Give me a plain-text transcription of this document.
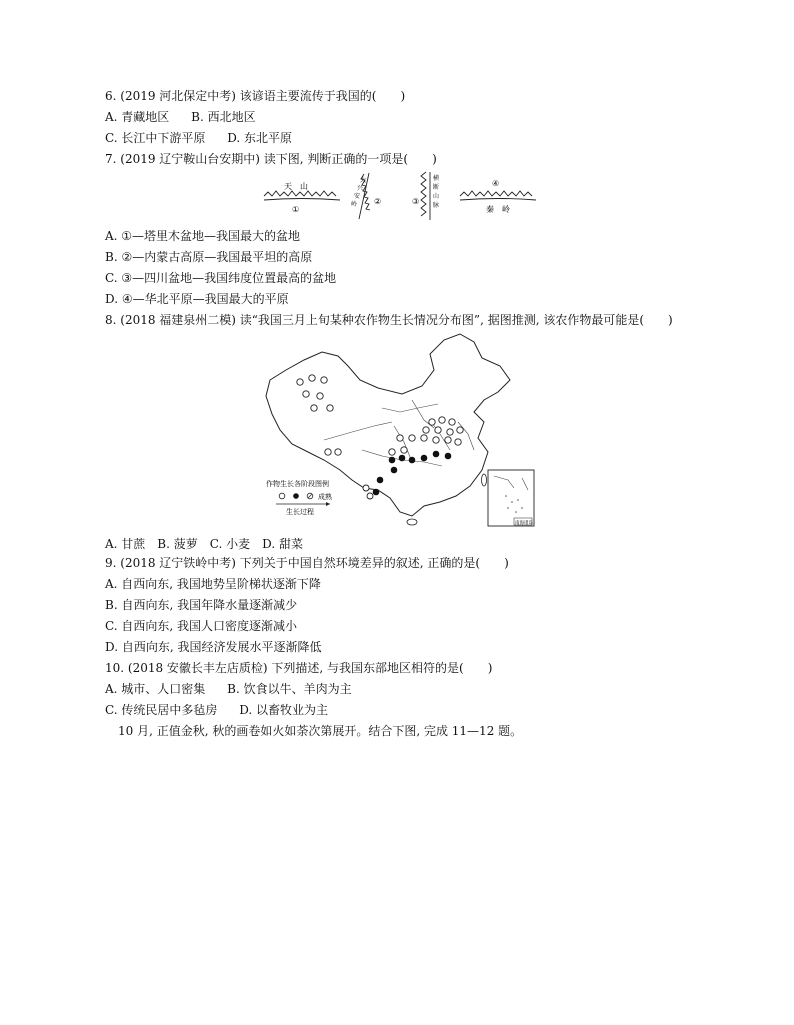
6. (2019 河北保定中考) 该谚语主要流传于我国的(　　)
A. 青藏地区 B. 西北地区
C. 长江中下游平原 D. 东北平原
7. (2019 辽宁鞍山台安期中) 读下图, 判断正确的一项是(　　)
天　山
①
大
兴
安
岭 ②
横
断
山
脉
③
④
秦　岭
A. ①—塔里木盆地—我国最大的盆地
B. ②—内蒙古高原—我国最平坦的高原
C. ③—四川盆地—我国纬度位置最高的盆地
D. ④—华北平原—我国最大的平原
8. (2018 福建泉州二模) 读“我国三月上旬某种农作物生长情况分布图”, 据图推测, 该农作物最可能是(　　)
作物生长各阶段图例
成熟
生长过程
南海诸岛
A. 甘蔗　B. 菠萝　C. 小麦　D. 甜菜
9. (2018 辽宁铁岭中考) 下列关于中国自然环境差异的叙述, 正确的是(　　)
A. 自西向东, 我国地势呈阶梯状逐渐下降
B. 自西向东, 我国年降水量逐渐减少
C. 自西向东, 我国人口密度逐渐减小
D. 自西向东, 我国经济发展水平逐渐降低
10. (2018 安徽长丰左店质检) 下列描述, 与我国东部地区相符的是(　　)
A. 城市、人口密集 B. 饮食以牛、羊肉为主
C. 传统民居中多毡房 D. 以畜牧业为主
10 月, 正值金秋, 秋的画卷如火如荼次第展开。结合下图, 完成 11—12 题。
